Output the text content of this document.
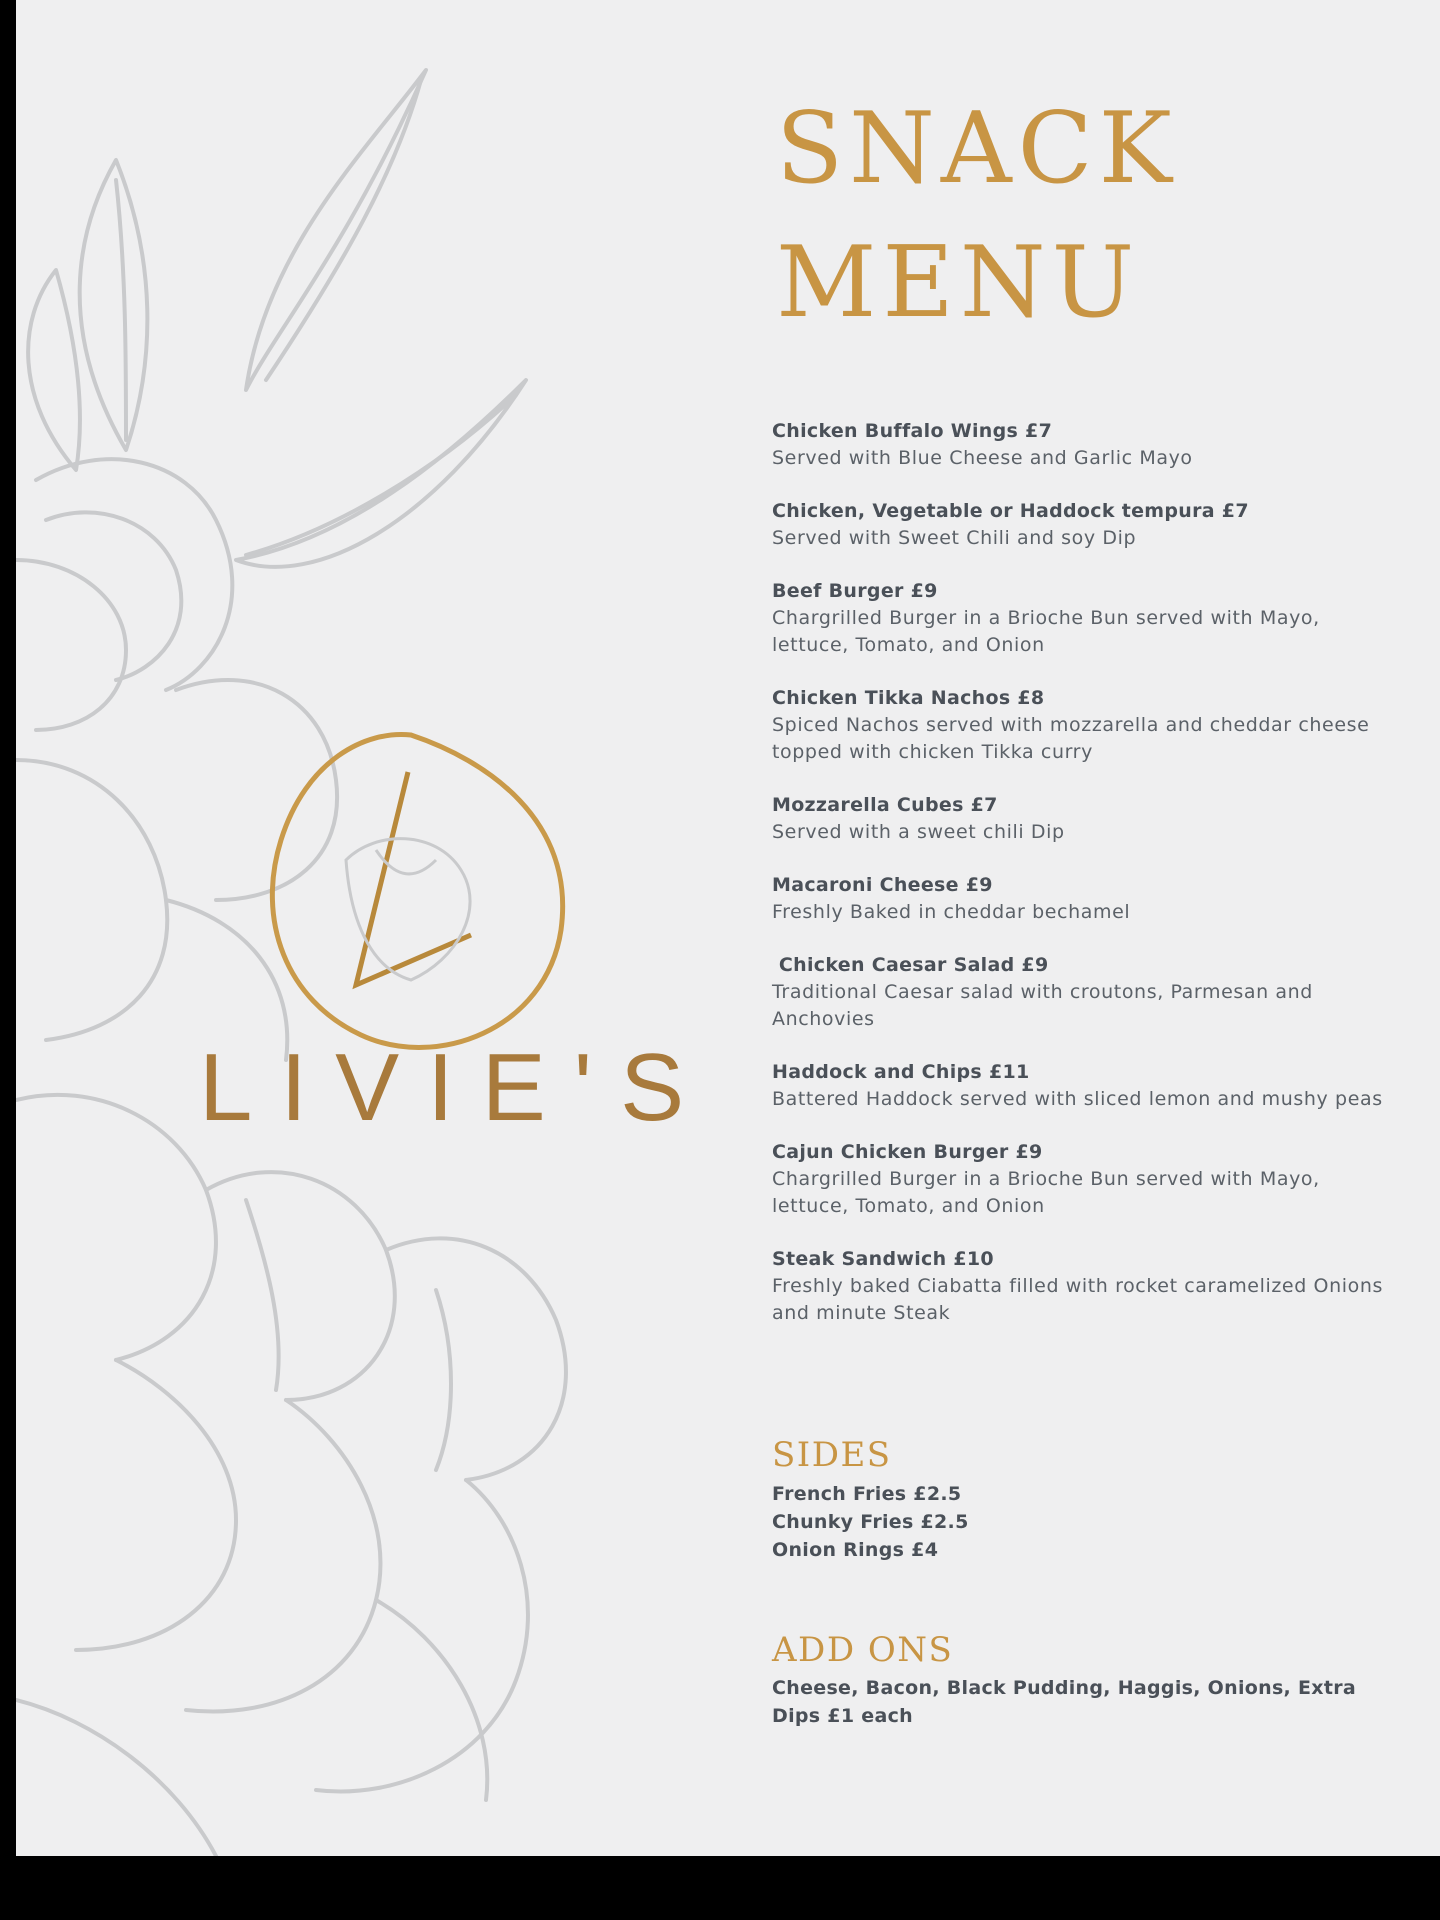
LIVIE'S
SNACK
MENU
Chicken Buffalo Wings £7
Served with Blue Cheese and Garlic Mayo
Chicken, Vegetable or Haddock tempura £7
Served with Sweet Chili and soy Dip
Beef Burger £9
Chargrilled Burger in a Brioche Bun served with Mayo, lettuce, Tomato, and Onion
Chicken Tikka Nachos £8
Spiced Nachos served with mozzarella and cheddar cheese topped with chicken Tikka curry
Mozzarella Cubes £7
Served with a sweet chili Dip
Macaroni Cheese £9
Freshly Baked in cheddar bechamel
Chicken Caesar Salad £9
Traditional Caesar salad with croutons, Parmesan and Anchovies
Haddock and Chips £11
Battered Haddock served with sliced lemon and mushy peas
Cajun Chicken Burger £9
Chargrilled Burger in a Brioche Bun served with Mayo, lettuce, Tomato, and Onion
Steak Sandwich £10
Freshly baked Ciabatta filled with rocket caramelized Onions and minute Steak
SIDES
French Fries £2.5
Chunky Fries £2.5
Onion Rings £4
ADD ONS
Cheese, Bacon, Black Pudding, Haggis, Onions, Extra Dips £1 each
